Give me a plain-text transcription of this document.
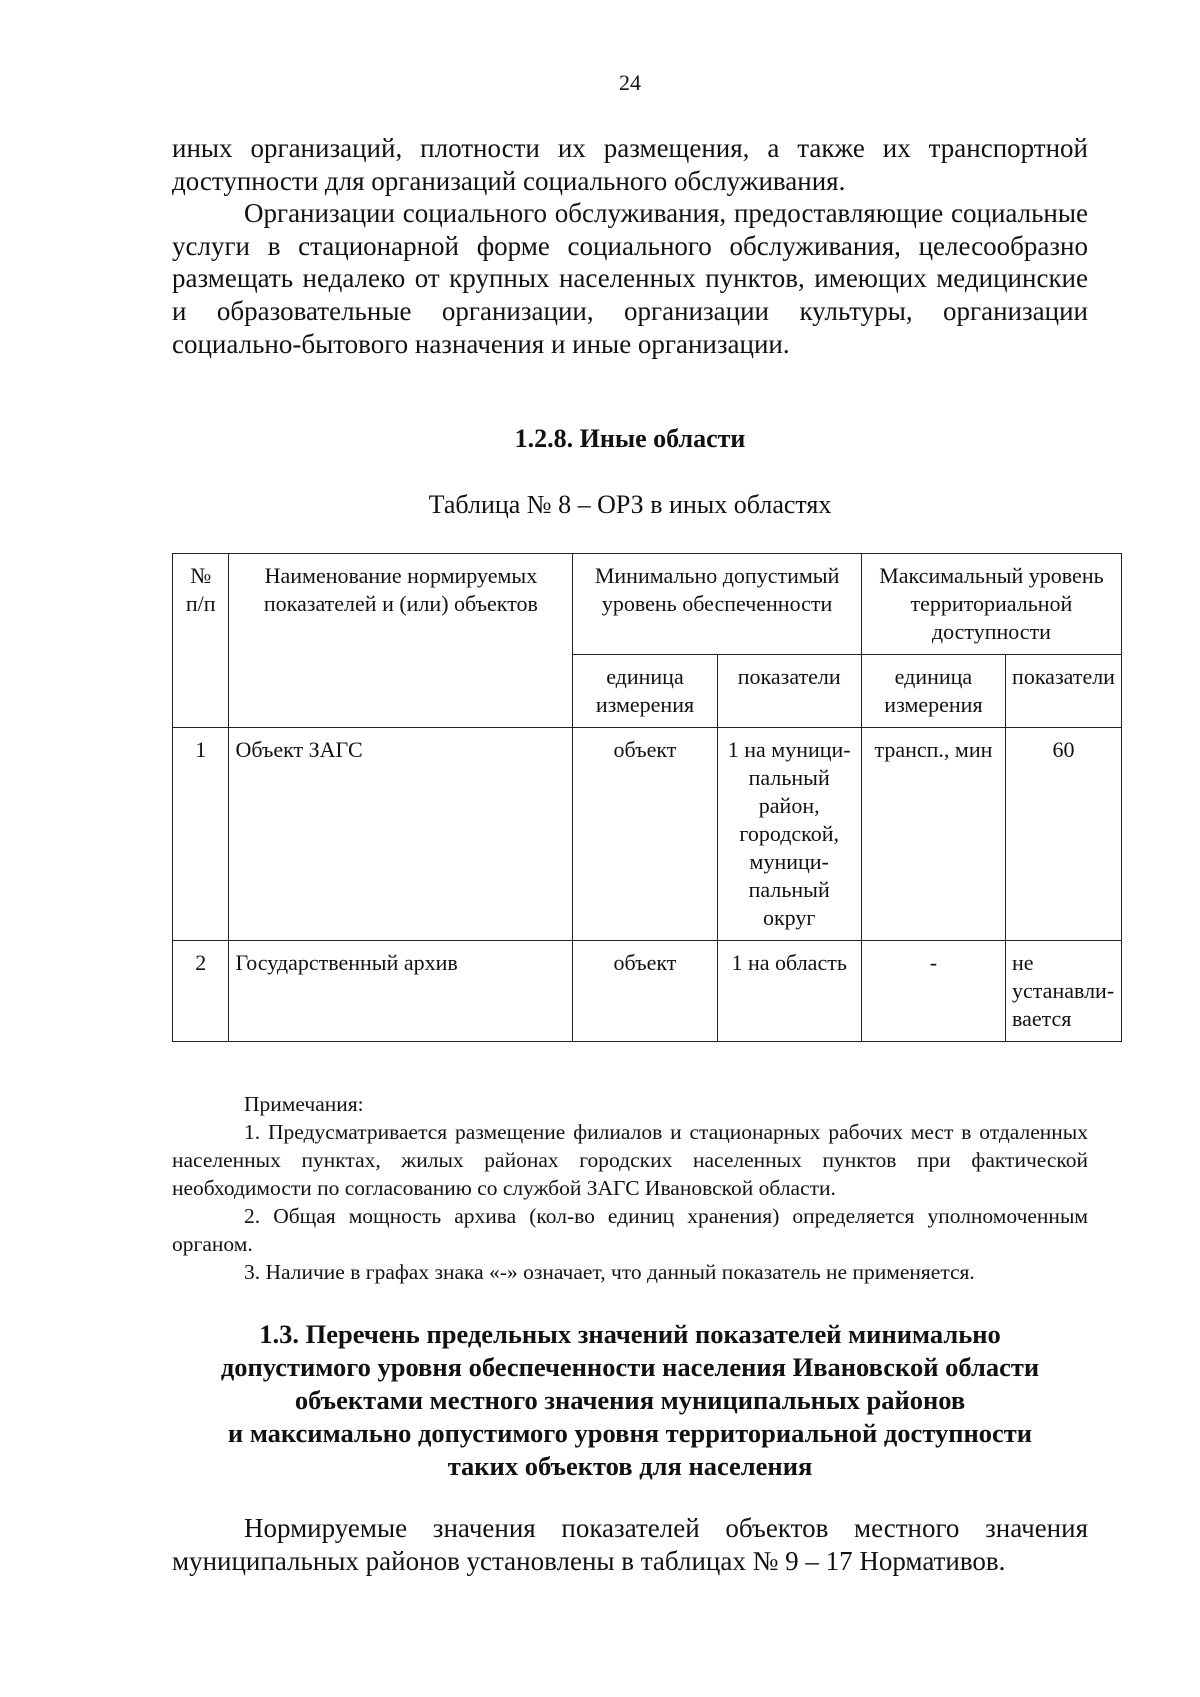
24

иных организаций, плотности их размещения, а также их транспортной доступности для организаций социального обслуживания.

Организации социального обслуживания, предоставляющие социальные услуги в стационарной форме социального обслуживания, целесообразно размещать недалеко от крупных населенных пунктов, имеющих медицинские и образовательные организации, организации культуры, организации социально-бытового назначения и иные организации.

1.2.8. Иные области
Таблица № 8 – ОРЗ в иных областях
№ п/п	Наименование нормируемых показателей и (или) объектов	Минимально допустимый уровень обеспеченности		Максимальный уровень территориальной доступности	
		единица измерения	показатели	единица измерения	показатели
1	Объект ЗАГС	объект	1 на муници-пальный район, городской, муници-пальный округ	трансп., мин	60
2	Государственный архив	объект	1 на область	-	не устанавли-вается

Примечания:

1. Предусматривается размещение филиалов и стационарных рабочих мест в отдаленных населенных пунктах, жилых районах городских населенных пунктов при фактической необходимости по согласованию со службой ЗАГС Ивановской области.

2. Общая мощность архива (кол-во единиц хранения) определяется уполномоченным органом.

3. Наличие в графах знака «-» означает, что данный показатель не применяется.

1.3. Перечень предельных значений показателей минимально
допустимого уровня обеспеченности населения Ивановской области
объектами местного значения муниципальных районов
и максимально допустимого уровня территориальной доступности
таких объектов для населения

Нормируемые значения показателей объектов местного значения муниципальных районов установлены в таблицах № 9 – 17 Нормативов.
